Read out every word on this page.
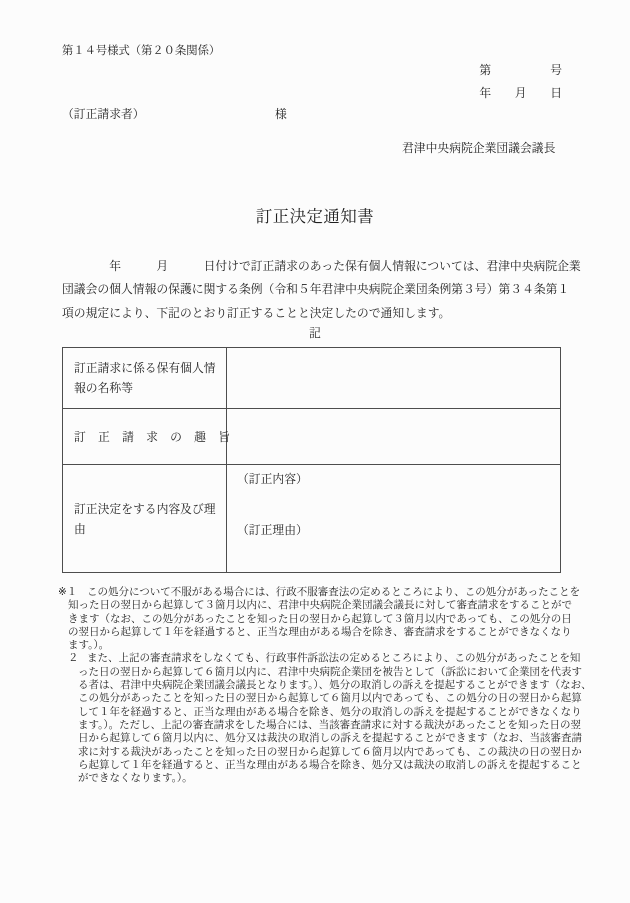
第１４号様式（第２０条関係）
第　　　　　号
年　　月　　日
（訂正請求者）	様
君津中央病院企業団議会議長
訂正決定通知書
　　　　年　　　月　　　日付けで訂正請求のあった保有個人情報については、君津中央病院企業
団議会の個人情報の保護に関する条例（令和５年君津中央病院企業団条例第３号）第３４条第１
項の規定により、下記のとおり訂正することと決定したので通知します。
記
訂正請求に係る保有個人情報の名称等
訂正請求の趣旨
訂正決定をする内容及び理由
（訂正内容）
（訂正理由）
※１ この処分について不服がある場合には、行政不服審査法の定めるところにより、この処分があったことを
知った日の翌日から起算して３箇月以内に、君津中央病院企業団議会議長に対して審査請求をすることがで
きます（なお、この処分があったことを知った日の翌日から起算して３箇月以内であっても、この処分の日
の翌日から起算して１年を経過すると、正当な理由がある場合を除き、審査請求をすることができなくなり
ます。）。
２ また、上記の審査請求をしなくても、行政事件訴訟法の定めるところにより、この処分があったことを知
った日の翌日から起算して６箇月以内に、君津中央病院企業団を被告として（訴訟において企業団を代表す
る者は、君津中央病院企業団議会議長となります。）、処分の取消しの訴えを提起することができます（なお、
この処分があったことを知った日の翌日から起算して６箇月以内であっても、この処分の日の翌日から起算
して１年を経過すると、正当な理由がある場合を除き、処分の取消しの訴えを提起することができなくなり
ます。）。ただし、上記の審査請求をした場合には、当該審査請求に対する裁決があったことを知った日の翌
日から起算して６箇月以内に、処分又は裁決の取消しの訴えを提起することができます（なお、当該審査請
求に対する裁決があったことを知った日の翌日から起算して６箇月以内であっても、この裁決の日の翌日か
ら起算して１年を経過すると、正当な理由がある場合を除き、処分又は裁決の取消しの訴えを提起すること
ができなくなります。）。
